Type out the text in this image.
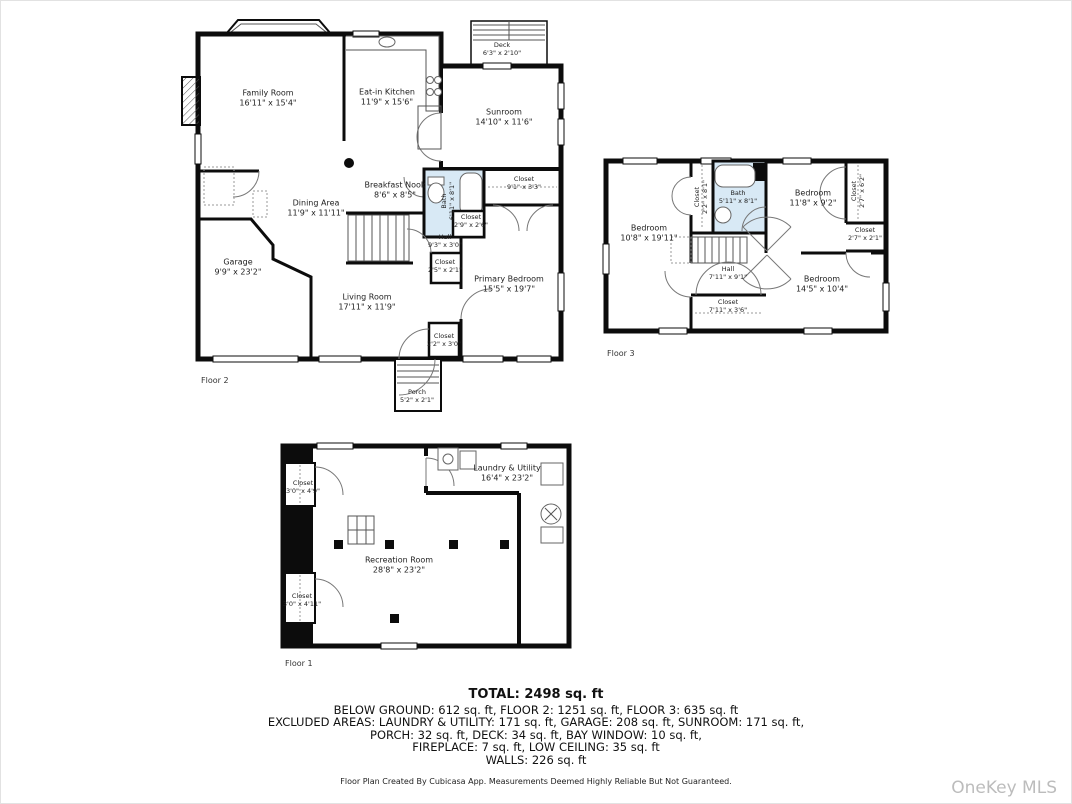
Family Room
16'11" x 15'4"
Eat-in Kitchen
11'9" x 15'6"
Deck
6'3" x 2'10"
Sunroom
14'10" x 11'6"
Breakfast Nook
8'6" x 8'5"
Dining Area
11'9" x 11'11"
Bath 6'11" x 8'1"
Closet
9'1" x 3'3"
Closet
2'9" x 2'6"
Hall
9'3" x 3'0"
Closet
2'5" x 2'1"
Garage
9'9" x 23'2"
Living Room
17'11" x 11'9"
Primary Bedroom
15'5" x 19'7"
Closet
2'2" x 3'0"
Porch
5'2" x 2'1"
Floor 2
Bedroom
10'8" x 19'11"
Closet 2'2" x 8'1"	Bath
5'11" x 8'1"
Bedroom
11'8" x 9'2"
Closet 2'7" x 6'2"
Closet
2'7" x 2'1"
Hall
7'11" x 9'1"
Closet
7'11" x 3'6"
Bedroom
14'5" x 10'4"
Floor 3
Closet
3'0" x 4'9"
Laundry & Utility
16'4" x 23'2"
Recreation Room
28'8" x 23'2"
Closet
3'0" x 4'11"
Floor 1
TOTAL: 2498 sq. ft
BELOW GROUND: 612 sq. ft, FLOOR 2: 1251 sq. ft, FLOOR 3: 635 sq. ft
EXCLUDED AREAS: LAUNDRY & UTILITY: 171 sq. ft, GARAGE: 208 sq. ft, SUNROOM: 171 sq. ft,
PORCH: 32 sq. ft, DECK: 34 sq. ft, BAY WINDOW: 10 sq. ft,
FIREPLACE: 7 sq. ft, LOW CEILING: 35 sq. ft
WALLS: 226 sq. ft
Floor Plan Created By Cubicasa App. Measurements Deemed Highly Reliable But Not Guaranteed.	OneKey MLS
